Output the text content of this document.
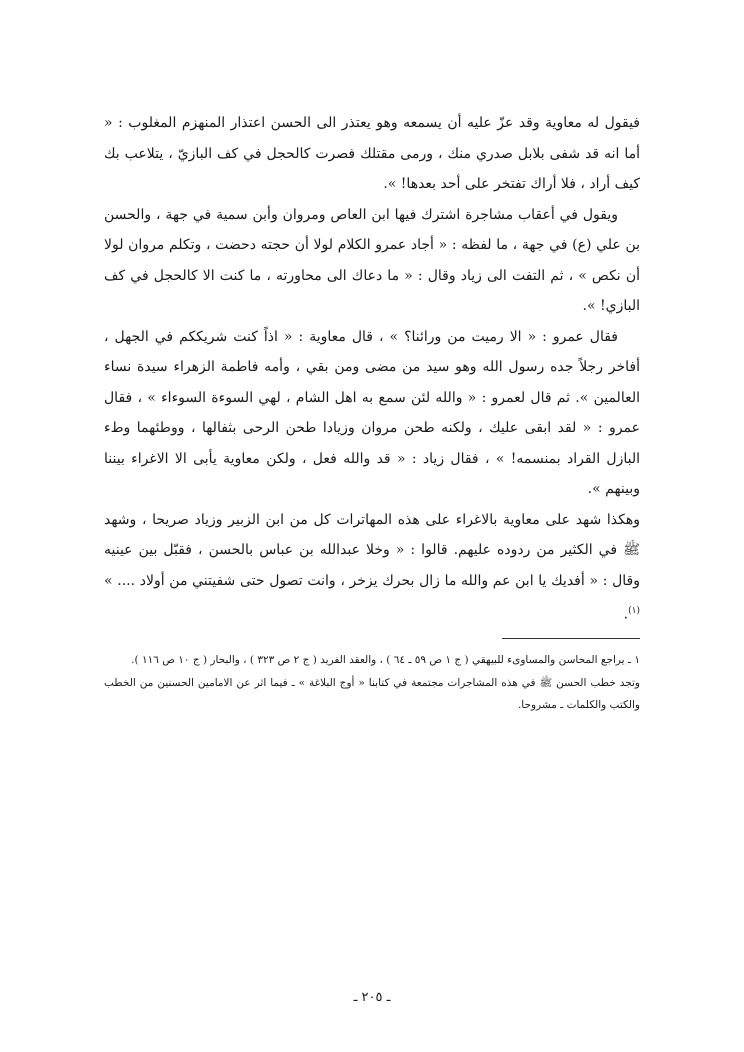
فيقول له معاوية وقد عزّ عليه أن يسمعه وهو يعتذر الى الحسن اعتذار المنهزم المغلوب : « أما انه قد شفى بلابل صدري منك ، ورمى مقتلك فصرت كالحجل في كف البازيّ ، يتلاعب بك كيف أراد ، فلا أراك تفتخر على أحد بعدها! ».

ويقول في أعقاب مشاجرة اشترك فيها ابن العاص ومروان وأبن سمية في جهة ، والحسن بن علي (ع) في جهة ، ما لفظه : « أجاد عمرو الكلام لولا أن حجته دحضت ، وتكلم مروان لولا أن نكص » ، ثم التفت الى زياد وقال : « ما دعاك الى محاورته ، ما كنت الا كالحجل في كف البازي! ».

فقال عمرو : « الا رميت من ورائنا؟ » ، قال معاوية : « اذاً كنت شريككم في الجهل ، أفاخر رجلاً جده رسول الله وهو سيد من مضى ومن بقي ، وأمه فاطمة الزهراء سيدة نساء العالمين ». ثم قال لعمرو : « والله لئن سمع به اهل الشام ، لهي السوءة السوءاء » ، فقال عمرو : « لقد ابقى عليك ، ولكنه طحن مروان وزيادا طحن الرحى بثفالها ، ووطئهما وطء البازل القراد بمنسمه! » ، فقال زياد : « قد والله فعل ، ولكن معاوية يأبى الا الاغراء بيننا وبينهم ».

وهكذا شهد على معاوية بالاغراء على هذه المهاترات كل من ابن الزبير وزياد صريحا ، وشهد ﷺ في الكثير من ردوده عليهم. قالوا : « وخلا عبدالله بن عباس بالحسن ، فقبّل بين عينيه وقال : « أفديك يا ابن عم والله ما زال بحرك يزخر ، وانت تصول حتى شفيتني من أولاد .... » $^{(١)}$.

١ ـ يراجع المحاسن والمساوىء للبيهقي ( ج ١ ص ٥٩ ـ ٦٤ ) ، والعقد الفريد ( ج ٢ ص ٣٢٣ ) ، والبحار ( ج ١٠ ص ١١٦ ).

وتجد خطب الحسن ﷺ في هذه المشاجرات مجتمعة في كتابنا « أوج البلاغة » ـ فيما اثر عن الامامين الحسنين من الخطب والكتب والكلمات ـ مشروحا.

ـ ٢٠٥ ـ
